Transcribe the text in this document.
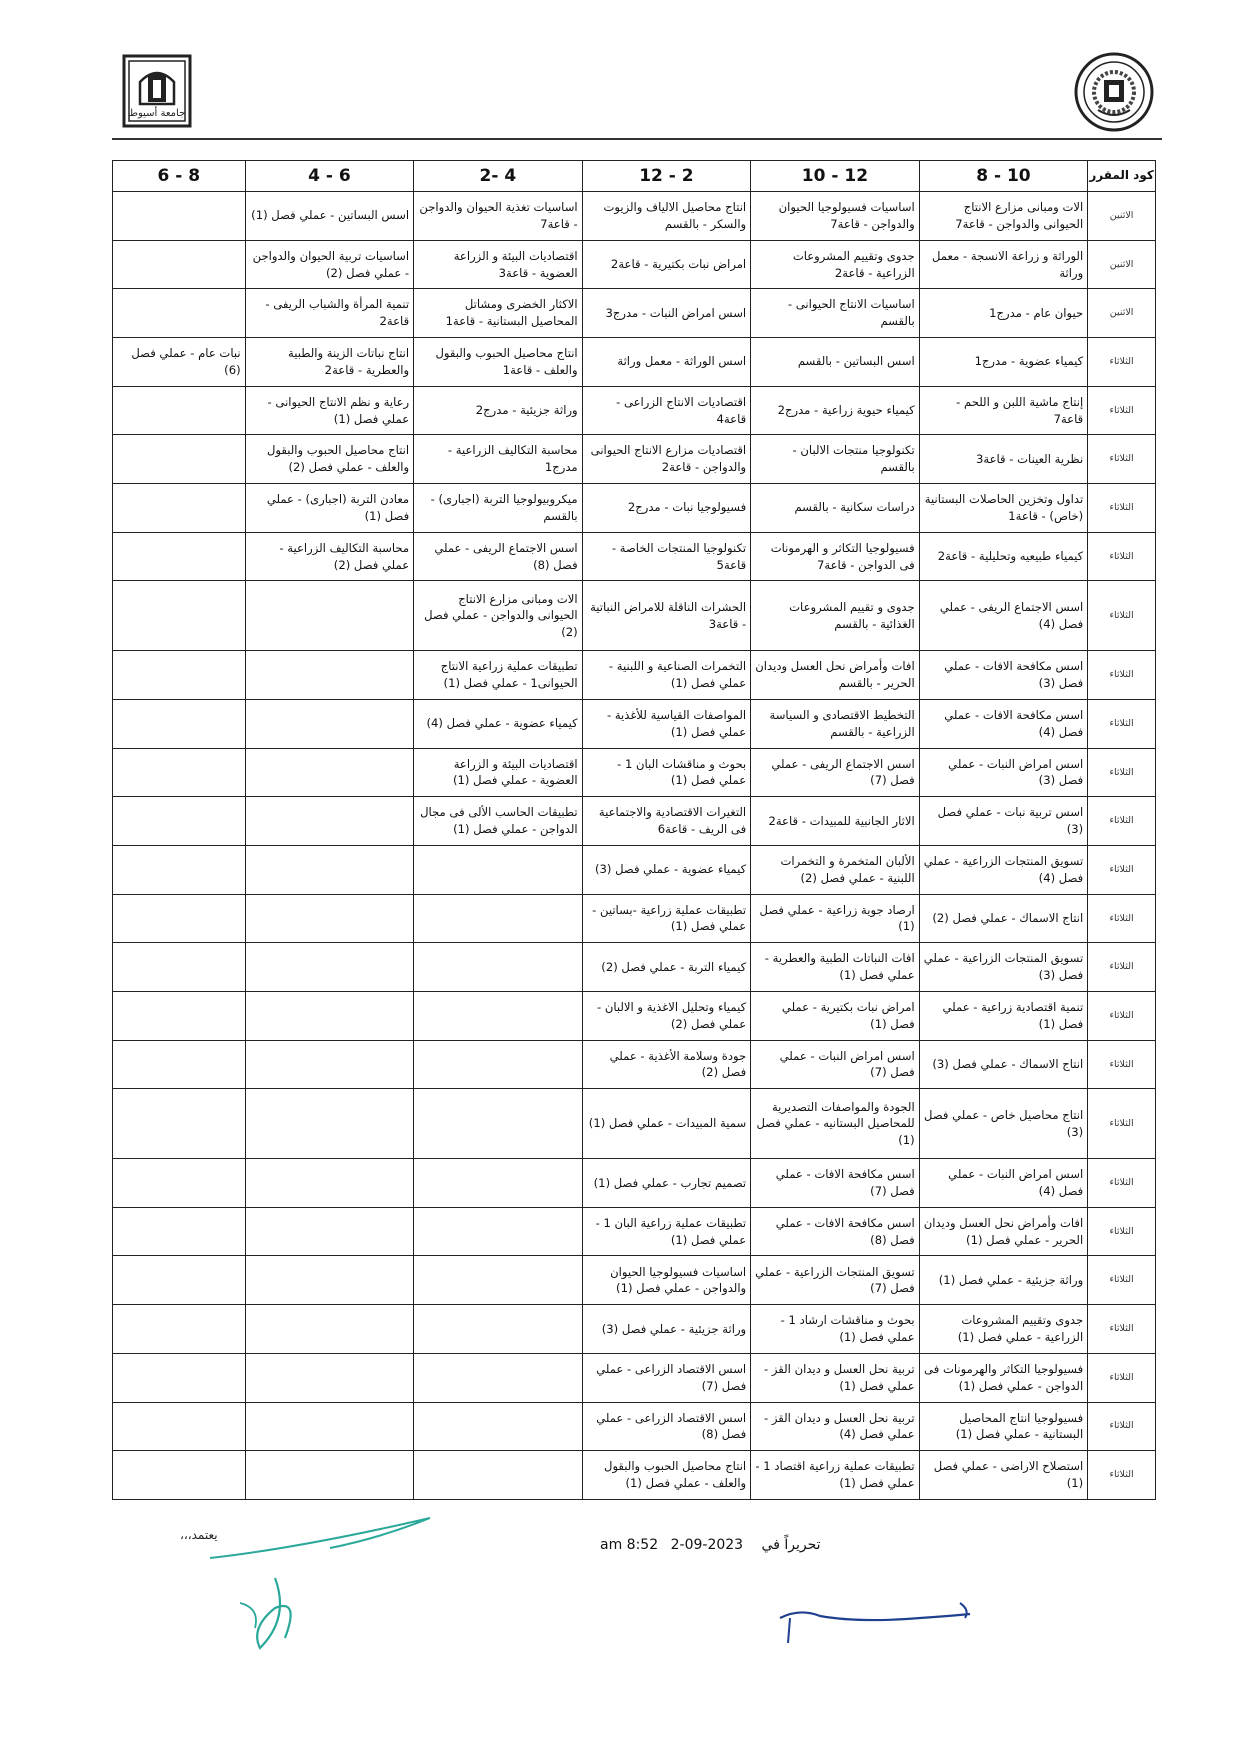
جامعة أسيوط
كود المقرر	10 - 8	12 - 10	2 - 12	4 -2	6 - 4	8 - 6
الاثنين	الات ومبانى مزارع الانتاج الحيوانى والدواجن - قاعة7	اساسيات فسيولوجيا الحيوان والدواجن - قاعة7	انتاج محاصيل الالياف والزيوت والسكر - بالقسم	اساسيات تغذية الحيوان والدواجن - قاعة7	اسس البساتين - عملي فصل (1)	
الاثنين	الوراثة و زراعة الانسجة - معمل وراثة	جدوى وتقييم المشروعات الزراعية - قاعة2	امراض نبات بكتيرية - قاعة2	اقتصاديات البيئة و الزراعة العضوية - قاعة3	اساسيات تربية الحيوان والدواجن - عملي فصل (2)	
الاثنين	حيوان عام - مدرج1	اساسيات الانتاج الحيوانى - بالقسم	اسس امراض النبات - مدرج3	الاكثار الخضرى ومشاتل المحاصيل البستانية - قاعة1	تنمية المرأة والشباب الريفى - قاعة2	
الثلاثاء	كيمياء عضوية - مدرج1	اسس البساتين - بالقسم	اسس الوراثة - معمل وراثة	انتاج محاصيل الحبوب والبقول والعلف - قاعة1	انتاج نباتات الزينة والطبية والعطرية - قاعة2	نبات عام - عملي فصل (6)
الثلاثاء	إنتاج ماشية اللبن و اللحم - قاعة7	كيمياء حيوية زراعية - مدرج2	اقتصاديات الانتاج الزراعى - قاعة4	وراثة جزيئية - مدرج2	رعاية و نظم الانتاج الحيوانى - عملي فصل (1)	
الثلاثاء	نظرية العينات - قاعة3	تكنولوجيا منتجات الالبان - بالقسم	اقتصاديات مزارع الانتاج الحيوانى والدواجن - قاعة2	محاسبة التكاليف الزراعية - مدرج1	انتاج محاصيل الحبوب والبقول والعلف - عملي فصل (2)	
الثلاثاء	تداول وتخزين الحاصلات البستانية (خاص) - قاعة1	دراسات سكانية - بالقسم	فسيولوجيا نبات - مدرج2	ميكروبيولوجيا التربة (اجبارى) - بالقسم	معادن التربة (اجبارى) - عملي فصل (1)	
الثلاثاء	كيمياء طبيعيه وتحليلية - قاعة2	فسيولوجيا التكاثر و الهرمونات فى الدواجن - قاعة7	تكنولوجيا المنتجات الخاصة - قاعة5	اسس الاجتماع الريفى - عملي فصل (8)	محاسبة التكاليف الزراعية - عملي فصل (2)	
الثلاثاء	اسس الاجتماع الريفى - عملي فصل (4)	جدوى و تقييم المشروعات الغذائية - بالقسم	الحشرات الناقلة للامراض النباتية - قاعة3	الات ومبانى مزارع الانتاج الحيوانى والدواجن - عملي فصل (2)		
الثلاثاء	اسس مكافحة الافات - عملي فصل (3)	افات وأمراض نحل العسل وديدان الحرير - بالقسم	التخمرات الصناعية و اللبنية - عملي فصل (1)	تطبيقات عملية زراعية الانتاج الحيوانى1 - عملي فصل (1)		
الثلاثاء	اسس مكافحة الافات - عملي فصل (4)	التخطيط الاقتصادى و السياسة الزراعية - بالقسم	المواصفات القياسية للأغذية - عملي فصل (1)	كيمياء عضوية - عملي فصل (4)		
الثلاثاء	اسس امراض النبات - عملي فصل (3)	اسس الاجتماع الريفى - عملي فصل (7)	بحوث و مناقشات البان 1 - عملي فصل (1)	اقتصاديات البيئة و الزراعة العضوية - عملي فصل (1)		
الثلاثاء	اسس تربية نبات - عملي فصل (3)	الاثار الجانبية للمبيدات - قاعة2	التغيرات الاقتصادية والاجتماعية فى الريف - قاعة6	تطبيقات الحاسب الألى فى مجال الدواجن - عملي فصل (1)		
الثلاثاء	تسويق المنتجات الزراعية - عملي فصل (4)	الألبان المتخمرة و التخمرات اللبنية - عملي فصل (2)	كيمياء عضوية - عملي فصل (3)			
الثلاثاء	انتاج الاسماك - عملي فصل (2)	ارصاد جوية زراعية - عملي فصل (1)	تطبيقات عملية زراعية -بساتين - عملي فصل (1)			
الثلاثاء	تسويق المنتجات الزراعية - عملي فصل (3)	افات النباتات الطبية والعطرية - عملي فصل (1)	كيمياء التربة - عملي فصل (2)			
الثلاثاء	تنمية اقتصادية زراعية - عملي فصل (1)	امراض نبات بكتيرية - عملي فصل (1)	كيمياء وتحليل الاغذية و الالبان - عملي فصل (2)			
الثلاثاء	انتاج الاسماك - عملي فصل (3)	اسس امراض النبات - عملي فصل (7)	جودة وسلامة الأغذية - عملي فصل (2)			
الثلاثاء	انتاج محاصيل خاص - عملي فصل (3)	الجودة والمواصفات التصديرية للمحاصيل البستانيه - عملي فصل (1)	سمية المبيدات - عملي فصل (1)			
الثلاثاء	اسس امراض النبات - عملي فصل (4)	اسس مكافحة الافات - عملي فصل (7)	تصميم تجارب - عملي فصل (1)			
الثلاثاء	افات وأمراض نحل العسل وديدان الحرير - عملي فصل (1)	اسس مكافحة الافات - عملي فصل (8)	تطبيقات عملية زراعية البان 1 - عملي فصل (1)			
الثلاثاء	وراثة جزيئية - عملي فصل (1)	تسويق المنتجات الزراعية - عملي فصل (7)	اساسيات فسيولوجيا الحيوان والدواجن - عملي فصل (1)			
الثلاثاء	جدوى وتقييم المشروعات الزراعية - عملي فصل (1)	بحوث و مناقشات ارشاد 1 - عملي فصل (1)	وراثة جزيئية - عملي فصل (3)			
الثلاثاء	فسيولوجيا التكاثر والهرمونات فى الدواجن - عملي فصل (1)	تربية نحل العسل و ديدان القز - عملي فصل (1)	اسس الاقتصاد الزراعى - عملي فصل (7)			
الثلاثاء	فسيولوجيا انتاج المحاصيل البستانية - عملي فصل (1)	تربية نحل العسل و ديدان القز - عملي فصل (4)	اسس الاقتصاد الزراعى - عملي فصل (8)			
الثلاثاء	استصلاح الاراضى - عملي فصل (1)	تطبيقات عملية زراعية اقتصاد 1 - عملي فصل (1)	انتاج محاصيل الحبوب والبقول والعلف - عملي فصل (1)			
يعتمد،،،
تحريراً في 2023-09-2 8:52 am
